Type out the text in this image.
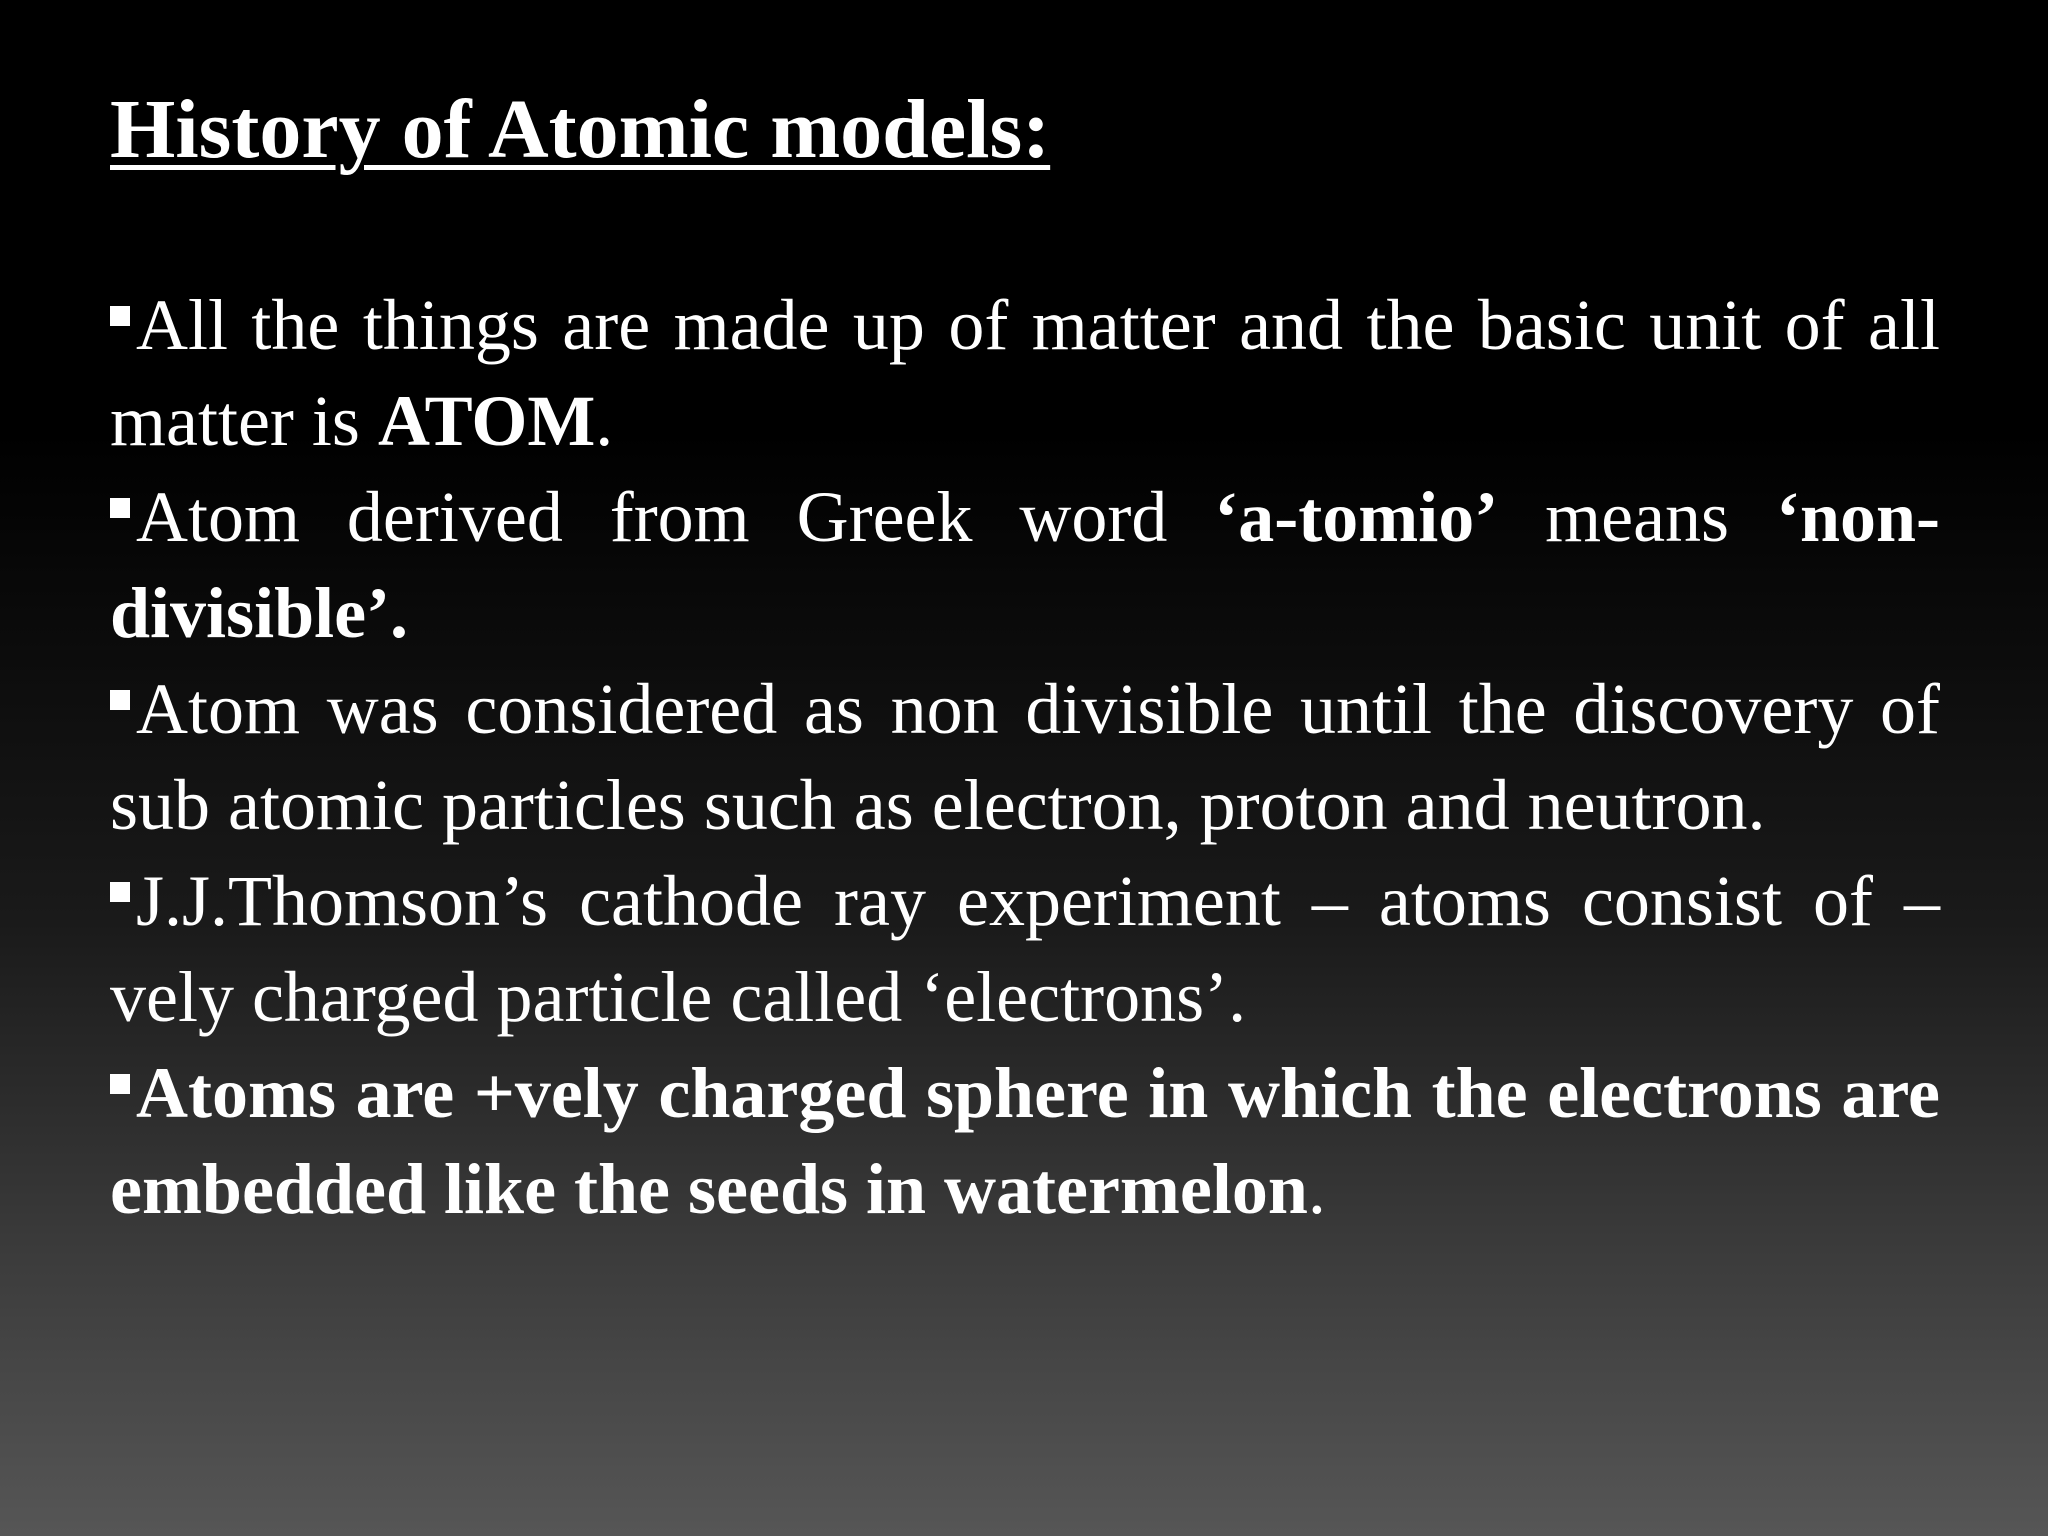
History of Atomic models:

All the things are made up of matter and the basic unit of all matter is ATOM.

Atom derived from Greek word ‘a-tomio’ means ‘non-divisible’.

Atom was considered as non divisible until the discovery of sub atomic particles such as electron, proton and neutron.

J.J.Thomson’s cathode ray experiment – atoms consist of –vely charged particle called ‘electrons’.

Atoms are +vely charged sphere in which the electrons are embedded like the seeds in watermelon.
